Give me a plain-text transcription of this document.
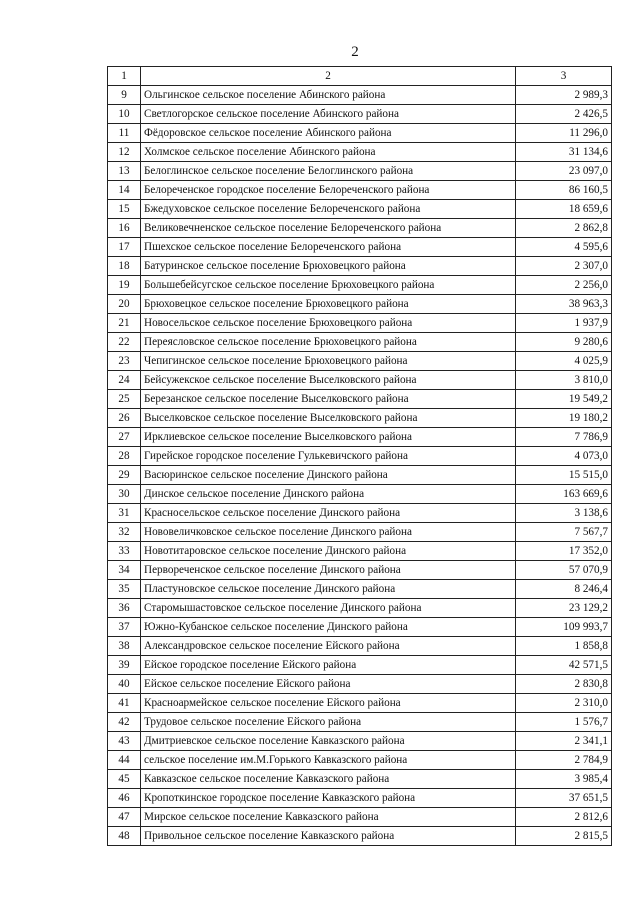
2
1	2	3
9	Ольгинское сельское поселение Абинского района	2 989,3
10	Светлогорское сельское поселение Абинского района	2 426,5
11	Фёдоровское сельское поселение Абинского района	11 296,0
12	Холмское сельское поселение Абинского района	31 134,6
13	Белоглинское сельское поселение Белоглинского района	23 097,0
14	Белореченское городское поселение Белореченского района	86 160,5
15	Бжедуховское сельское поселение Белореченского района	18 659,6
16	Великовечненское сельское поселение Белореченского района	2 862,8
17	Пшехское сельское поселение Белореченского района	4 595,6
18	Батуринское сельское поселение Брюховецкого района	2 307,0
19	Большебейсугское сельское поселение Брюховецкого района	2 256,0
20	Брюховецкое сельское поселение Брюховецкого района	38 963,3
21	Новосельское сельское поселение Брюховецкого района	1 937,9
22	Переясловское сельское поселение Брюховецкого района	9 280,6
23	Чепигинское сельское поселение Брюховецкого района	4 025,9
24	Бейсужекское сельское поселение Выселковского района	3 810,0
25	Березанское сельское поселение Выселковского района	19 549,2
26	Выселковское сельское поселение Выселковского района	19 180,2
27	Ирклиевское сельское поселение Выселковского района	7 786,9
28	Гирейское городское поселение Гулькевичского района	4 073,0
29	Васюринское сельское поселение Динского района	15 515,0
30	Динское сельское поселение Динского района	163 669,6
31	Красносельское сельское поселение Динского района	3 138,6
32	Нововеличковское сельское поселение Динского района	7 567,7
33	Новотитаровское сельское поселение Динского района	17 352,0
34	Первореченское сельское поселение Динского района	57 070,9
35	Пластуновское сельское поселение Динского района	8 246,4
36	Старомышастовское сельское поселение Динского района	23 129,2
37	Южно-Кубанское сельское поселение Динского района	109 993,7
38	Александровское сельское поселение Ейского района	1 858,8
39	Ейское городское поселение Ейского района	42 571,5
40	Ейское сельское поселение Ейского района	2 830,8
41	Красноармейское сельское поселение Ейского района	2 310,0
42	Трудовое сельское поселение Ейского района	1 576,7
43	Дмитриевское сельское поселение Кавказского района	2 341,1
44	сельское поселение им.М.Горького Кавказского района	2 784,9
45	Кавказское сельское поселение Кавказского района	3 985,4
46	Кропоткинское городское поселение Кавказского района	37 651,5
47	Мирское сельское поселение Кавказского района	2 812,6
48	Привольное сельское поселение Кавказского района	2 815,5
